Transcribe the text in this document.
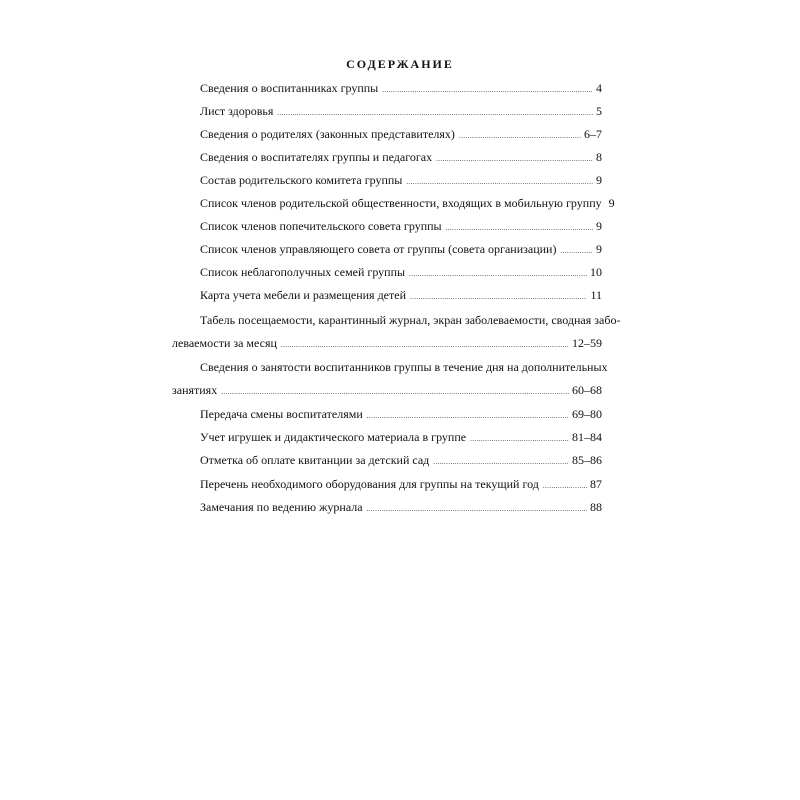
СОДЕРЖАНИЕ
Сведения о воспитанниках группы .....	4
Лист здоровья .....	5
Сведения о родителях (законных представителях) .....	6–7
Сведения о воспитателях группы и педагогах .....	8
Состав родительского комитета группы .....	9
Список членов родительской общественности, входящих в мобильную группу 9
Список членов попечительского совета группы .....	9
Список членов управляющего совета от группы (совета организации) .....	9
Список неблагополучных семей группы .....	10
Карта учета мебели и размещения детей .....	11
Табель посещаемости, карантинный журнал, экран заболеваемости, сводная забо-
леваемости за месяц .....	12–59
Сведения о занятости воспитанников группы в течение дня на дополнительных
занятиях .....	60–68
Передача смены воспитателями .....	69–80
Учет игрушек и дидактического материала в группе .....	81–84
Отметка об оплате квитанции за детский сад .....	85–86
Перечень необходимого оборудования для группы на текущий год .....	87
Замечания по ведению журнала .....	88
